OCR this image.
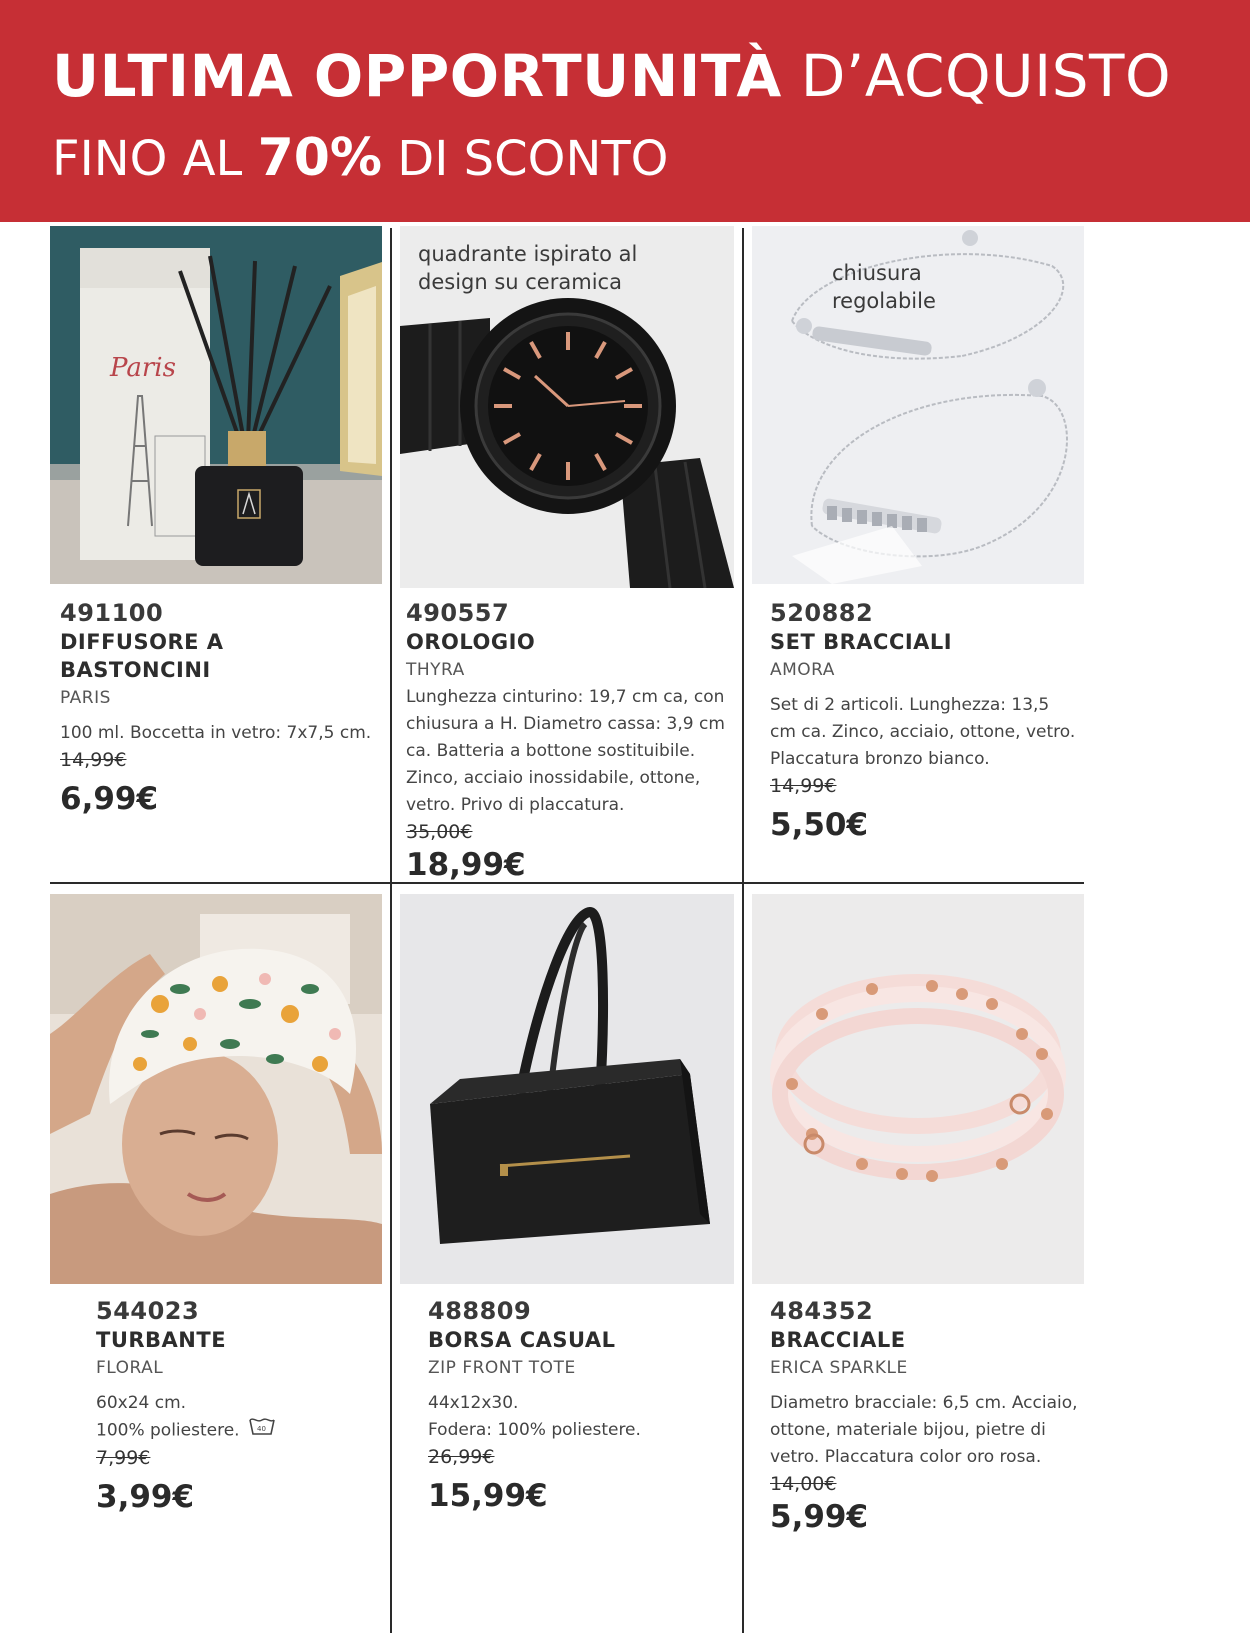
ULTIMA OPPORTUNITÀ D’ACQUISTO
FINO AL 70% DI SCONTO
Paris
491100
DIFFUSORE A BASTONCINI
PARIS
100 ml. Boccetta in vetro: 7x7,5 cm.
14,99€
6,99€
quadrante ispirato al design su ceramica
490557
OROLOGIO
THYRA
Lunghezza cinturino: 19,7 cm ca, con chiusura a H. Diametro cassa: 3,9 cm ca. Batteria a bottone sostituibile. Zinco, acciaio inossidabile, ottone, vetro. Privo di placcatura.
35,00€
18,99€
chiusura regolabile
520882
SET BRACCIALI
AMORA
Set di 2 articoli. Lunghezza: 13,5 cm ca. Zinco, acciaio, ottone, vetro. Placcatura bronzo bianco.
14,99€
5,50€
544023
TURBANTE
FLORAL
60x24 cm.
100% poliestere. 40
7,99€
3,99€
488809
BORSA CASUAL
ZIP FRONT TOTE
44x12x30.
Fodera: 100% poliestere.
26,99€
15,99€
484352
BRACCIALE
ERICA SPARKLE
Diametro bracciale: 6,5 cm. Acciaio, ottone, materiale bijou, pietre di vetro. Placcatura color oro rosa.
14,00€
5,99€
